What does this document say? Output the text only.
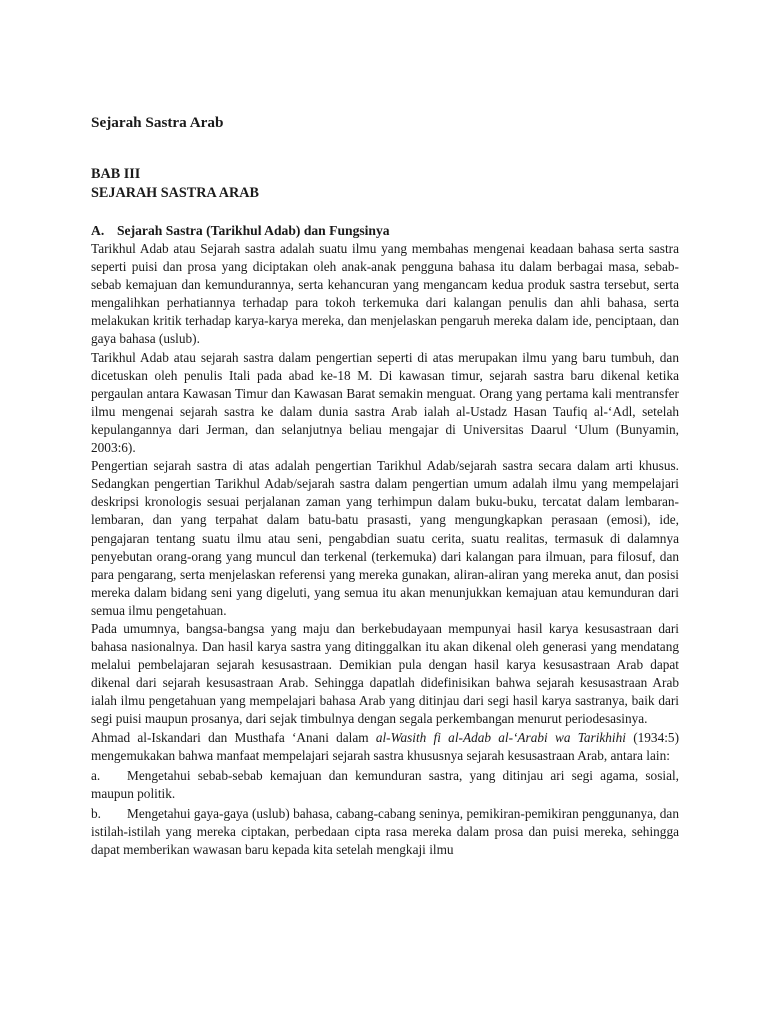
Sejarah Sastra Arab
BAB III
SEJARAH SASTRA ARAB
A. Sejarah Sastra (Tarikhul Adab) dan Fungsinya

Tarikhul Adab atau Sejarah sastra adalah suatu ilmu yang membahas mengenai keadaan bahasa serta sastra seperti puisi dan prosa yang diciptakan oleh anak-anak pengguna bahasa itu dalam berbagai masa, sebab-sebab kemajuan dan kemundurannya, serta kehancuran yang mengancam kedua produk sastra tersebut, serta mengalihkan perhatiannya terhadap para tokoh terkemuka dari kalangan penulis dan ahli bahasa, serta melakukan kritik terhadap karya-karya mereka, dan menjelaskan pengaruh mereka dalam ide, penciptaan, dan gaya bahasa (uslub).

Tarikhul Adab atau sejarah sastra dalam pengertian seperti di atas merupakan ilmu yang baru tumbuh, dan dicetuskan oleh penulis Itali pada abad ke-18 M. Di kawasan timur, sejarah sastra baru dikenal ketika pergaulan antara Kawasan Timur dan Kawasan Barat semakin menguat. Orang yang pertama kali mentransfer ilmu mengenai sejarah sastra ke dalam dunia sastra Arab ialah al-Ustadz Hasan Taufiq al-‘Adl, setelah kepulangannya dari Jerman, dan selanjutnya beliau mengajar di Universitas Daarul ‘Ulum (Bunyamin, 2003:6).

Pengertian sejarah sastra di atas adalah pengertian Tarikhul Adab/sejarah sastra secara dalam arti khusus. Sedangkan pengertian Tarikhul Adab/sejarah sastra dalam pengertian umum adalah ilmu yang mempelajari deskripsi kronologis sesuai perjalanan zaman yang terhimpun dalam buku-buku, tercatat dalam lembaran-lembaran, dan yang terpahat dalam batu-batu prasasti, yang mengungkapkan perasaan (emosi), ide, pengajaran tentang suatu ilmu atau seni, pengabdian suatu cerita, suatu realitas, termasuk di dalamnya penyebutan orang-orang yang muncul dan terkenal (terkemuka) dari kalangan para ilmuan, para filosuf, dan para pengarang, serta menjelaskan referensi yang mereka gunakan, aliran-aliran yang mereka anut, dan posisi mereka dalam bidang seni yang digeluti, yang semua itu akan menunjukkan kemajuan atau kemunduran dari semua ilmu pengetahuan.

Pada umumnya, bangsa-bangsa yang maju dan berkebudayaan mempunyai hasil karya kesusastraan dari bahasa nasionalnya. Dan hasil karya sastra yang ditinggalkan itu akan dikenal oleh generasi yang mendatang melalui pembelajaran sejarah kesusastraan. Demikian pula dengan hasil karya kesusastraan Arab dapat dikenal dari sejarah kesusastraan Arab. Sehingga dapatlah didefinisikan bahwa sejarah kesusastraan Arab ialah ilmu pengetahuan yang mempelajari bahasa Arab yang ditinjau dari segi hasil karya sastranya, baik dari segi puisi maupun prosanya, dari sejak timbulnya dengan segala perkembangan menurut periodesasinya.

Ahmad al-Iskandari dan Musthafa ‘Anani dalam al-Wasith fi al-Adab al-‘Arabi wa Tarikhihi (1934:5) mengemukakan bahwa manfaat mempelajari sejarah sastra khususnya sejarah kesusastraan Arab, antara lain:

a. Mengetahui sebab-sebab kemajuan dan kemunduran sastra, yang ditinjau ari segi agama, sosial, maupun politik.
b. Mengetahui gaya-gaya (uslub) bahasa, cabang-cabang seninya, pemikiran-pemikiran penggunanya, dan istilah-istilah yang mereka ciptakan, perbedaan cipta rasa mereka dalam prosa dan puisi mereka, sehingga dapat memberikan wawasan baru kepada kita setelah mengkaji ilmu
